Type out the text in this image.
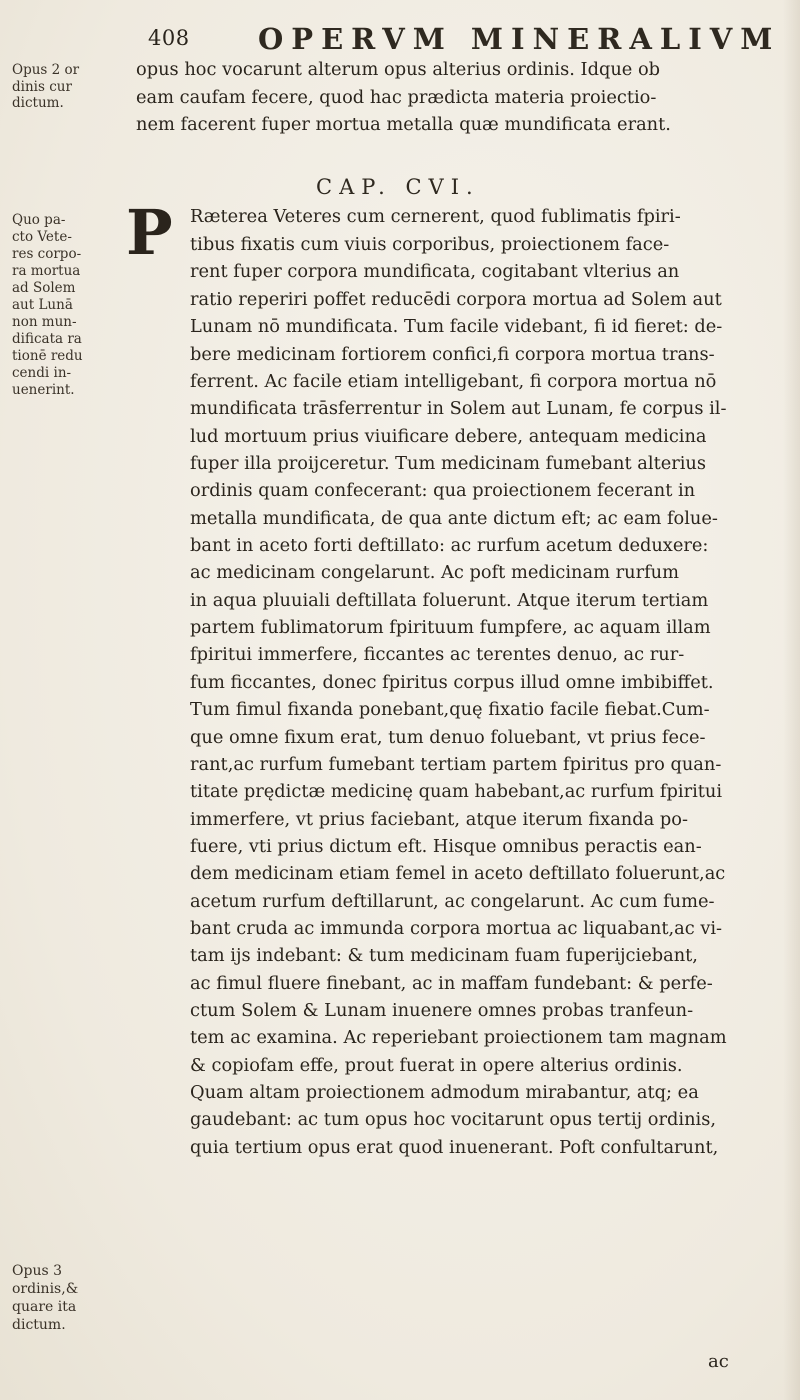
408 OPERVM MINERALIVM
Opus 2 or
dinis cur
dictum.
opus hoc vocarunt alterum opus alterius ordinis. Idque ob
eam caufam fecere, quod hac prædicta materia proiectio-
nem facerent fuper mortua metalla quæ mundificata erant.
CAP. CVI.
Quo pa-
cto Vete-
res corpo-
ra mortua
ad Solem
aut Lunā
non mun-
dificata ra
tionē redu
cendi in-
uenerint.
P Ræterea Veteres cum cernerent, quod fublimatis fpiri-
tibus fixatis cum viuis corporibus, proiectionem face-
rent fuper corpora mundificata, cogitabant vlterius an
ratio reperiri poffet reducēdi corpora mortua ad Solem aut
Lunam nō mundificata. Tum facile videbant, fi id fieret: de-
bere medicinam fortiorem confici,fi corpora mortua trans-
ferrent. Ac facile etiam intelligebant, fi corpora mortua nō
mundificata trāsferrentur in Solem aut Lunam, fe corpus il-
lud mortuum prius viuificare debere, antequam medicina
fuper illa proijceretur. Tum medicinam fumebant alterius
ordinis quam confecerant: qua proiectionem fecerant in
metalla mundificata, de qua ante dictum eft; ac eam folue-
bant in aceto forti deftillato: ac rurfum acetum deduxere:
ac medicinam congelarunt. Ac poft medicinam rurfum
in aqua pluuiali deftillata foluerunt. Atque iterum tertiam
partem fublimatorum fpirituum fumpfere, ac aquam illam
fpiritui immerfere, ficcantes ac terentes denuo, ac rur-
fum ficcantes, donec fpiritus corpus illud omne imbibiffet.
Tum fimul fixanda ponebant,quę fixatio facile fiebat.Cum-
que omne fixum erat, tum denuo foluebant, vt prius fece-
rant,ac rurfum fumebant tertiam partem fpiritus pro quan-
titate prędictæ medicinę quam habebant,ac rurfum fpiritui
immerfere, vt prius faciebant, atque iterum fixanda po-
fuere, vti prius dictum eft. Hisque omnibus peractis ean-
dem medicinam etiam femel in aceto deftillato foluerunt,ac
acetum rurfum deftillarunt, ac congelarunt. Ac cum fume-
bant cruda ac immunda corpora mortua ac liquabant,ac vi-
tam ijs indebant: & tum medicinam fuam fuperijciebant,
ac fimul fluere finebant, ac in maffam fundebant: & perfe-
ctum Solem & Lunam inuenere omnes probas tranfeun-
tem ac examina. Ac reperiebant proiectionem tam magnam
& copiofam effe, prout fuerat in opere alterius ordinis.
Quam altam proiectionem admodum mirabantur, atq; ea
gaudebant: ac tum opus hoc vocitarunt opus tertij ordinis,
quia tertium opus erat quod inuenerant. Poft confultarunt,
Opus 3
ordinis,&
quare ita
dictum.
ac
